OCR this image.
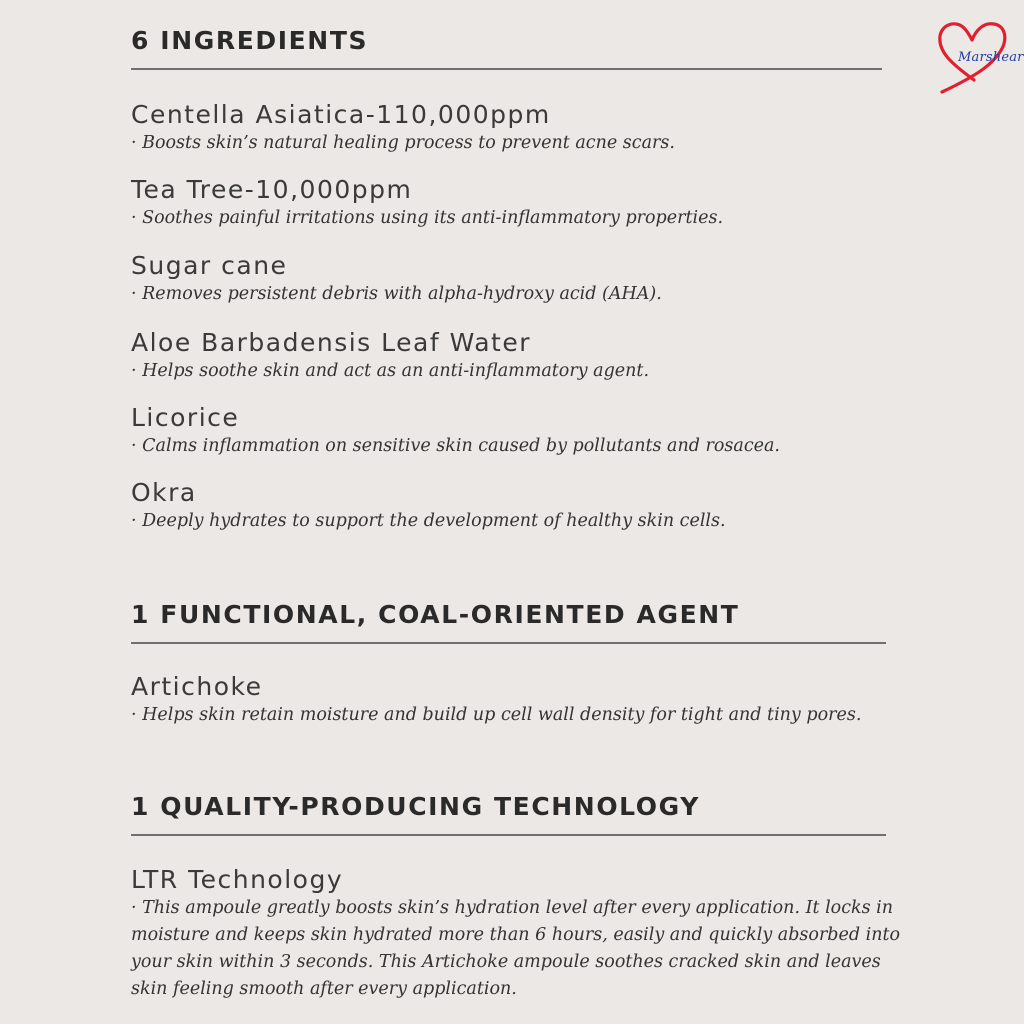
Marshear
6 INGREDIENTS
Centella Asiatica-110,000ppm
· Boosts skin’s natural healing process to prevent acne scars.
Tea Tree-10,000ppm
· Soothes painful irritations using its anti-inflammatory properties.
Sugar cane
· Removes persistent debris with alpha-hydroxy acid (AHA).
Aloe Barbadensis Leaf Water
· Helps soothe skin and act as an anti-inflammatory agent.
Licorice
· Calms inflammation on sensitive skin caused by pollutants and rosacea.
Okra
· Deeply hydrates to support the development of healthy skin cells.
1 FUNCTIONAL, COAL-ORIENTED AGENT
Artichoke
· Helps skin retain moisture and build up cell wall density for tight and tiny pores.
1 QUALITY-PRODUCING TECHNOLOGY
LTR Technology
· This ampoule greatly boosts skin’s hydration level after every application. It locks in moisture and keeps skin hydrated more than 6 hours, easily and quickly absorbed into your skin within 3 seconds. This Artichoke ampoule soothes cracked skin and leaves skin feeling smooth after every application.
